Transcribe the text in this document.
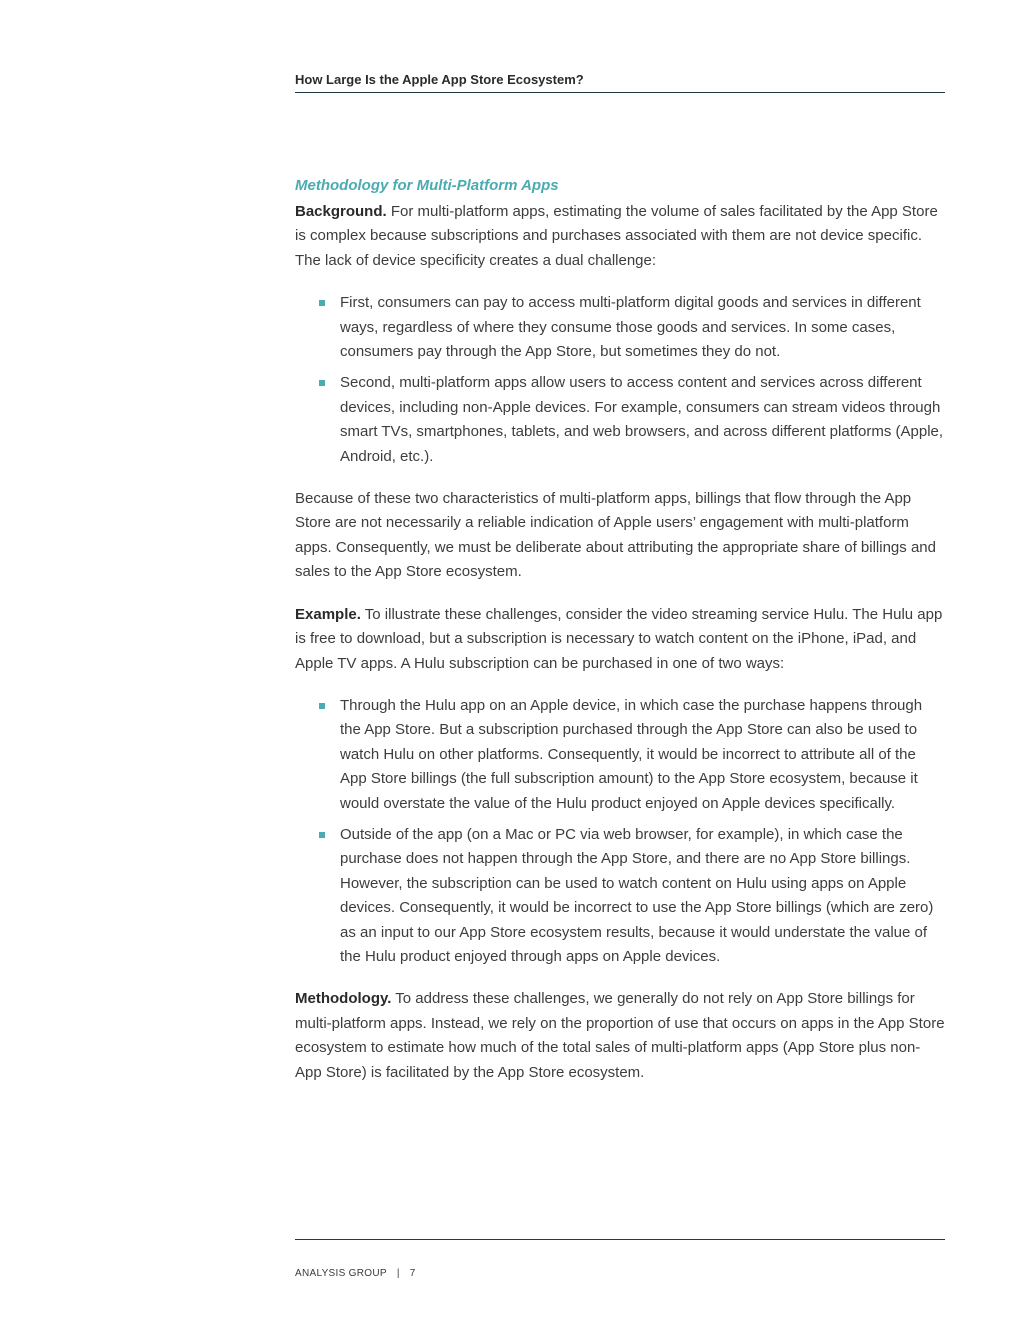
How Large Is the Apple App Store Ecosystem?
Methodology for Multi-Platform Apps

Background. For multi-platform apps, estimating the volume of sales facilitated by the App Store is complex because subscriptions and purchases associated with them are not device specific. The lack of device specificity creates a dual challenge:

First, consumers can pay to access multi-platform digital goods and services in different ways, regardless of where they consume those goods and services. In some cases, consumers pay through the App Store, but sometimes they do not.
Second, multi-platform apps allow users to access content and services across different devices, including non-Apple devices. For example, consumers can stream videos through smart TVs, smartphones, tablets, and web browsers, and across different platforms (Apple, Android, etc.).

Because of these two characteristics of multi-platform apps, billings that flow through the App Store are not necessarily a reliable indication of Apple users’ engagement with multi-platform apps. Consequently, we must be deliberate about attributing the appropriate share of billings and sales to the App Store ecosystem.

Example. To illustrate these challenges, consider the video streaming service Hulu. The Hulu app is free to download, but a subscription is necessary to watch content on the iPhone, iPad, and Apple TV apps. A Hulu subscription can be purchased in one of two ways:

Through the Hulu app on an Apple device, in which case the purchase happens through the App Store. But a subscription purchased through the App Store can also be used to watch Hulu on other platforms. Consequently, it would be incorrect to attribute all of the App Store billings (the full subscription amount) to the App Store ecosystem, because it would overstate the value of the Hulu product enjoyed on Apple devices specifically.
Outside of the app (on a Mac or PC via web browser, for example), in which case the purchase does not happen through the App Store, and there are no App Store billings. However, the subscription can be used to watch content on Hulu using apps on Apple devices. Consequently, it would be incorrect to use the App Store billings (which are zero) as an input to our App Store ecosystem results, because it would understate the value of the Hulu product enjoyed through apps on Apple devices.

Methodology. To address these challenges, we generally do not rely on App Store billings for multi-platform apps. Instead, we rely on the proportion of use that occurs on apps in the App Store ecosystem to estimate how much of the total sales of multi-platform apps (App Store plus non-App Store) is facilitated by the App Store ecosystem.

ANALYSIS GROUP | 7
